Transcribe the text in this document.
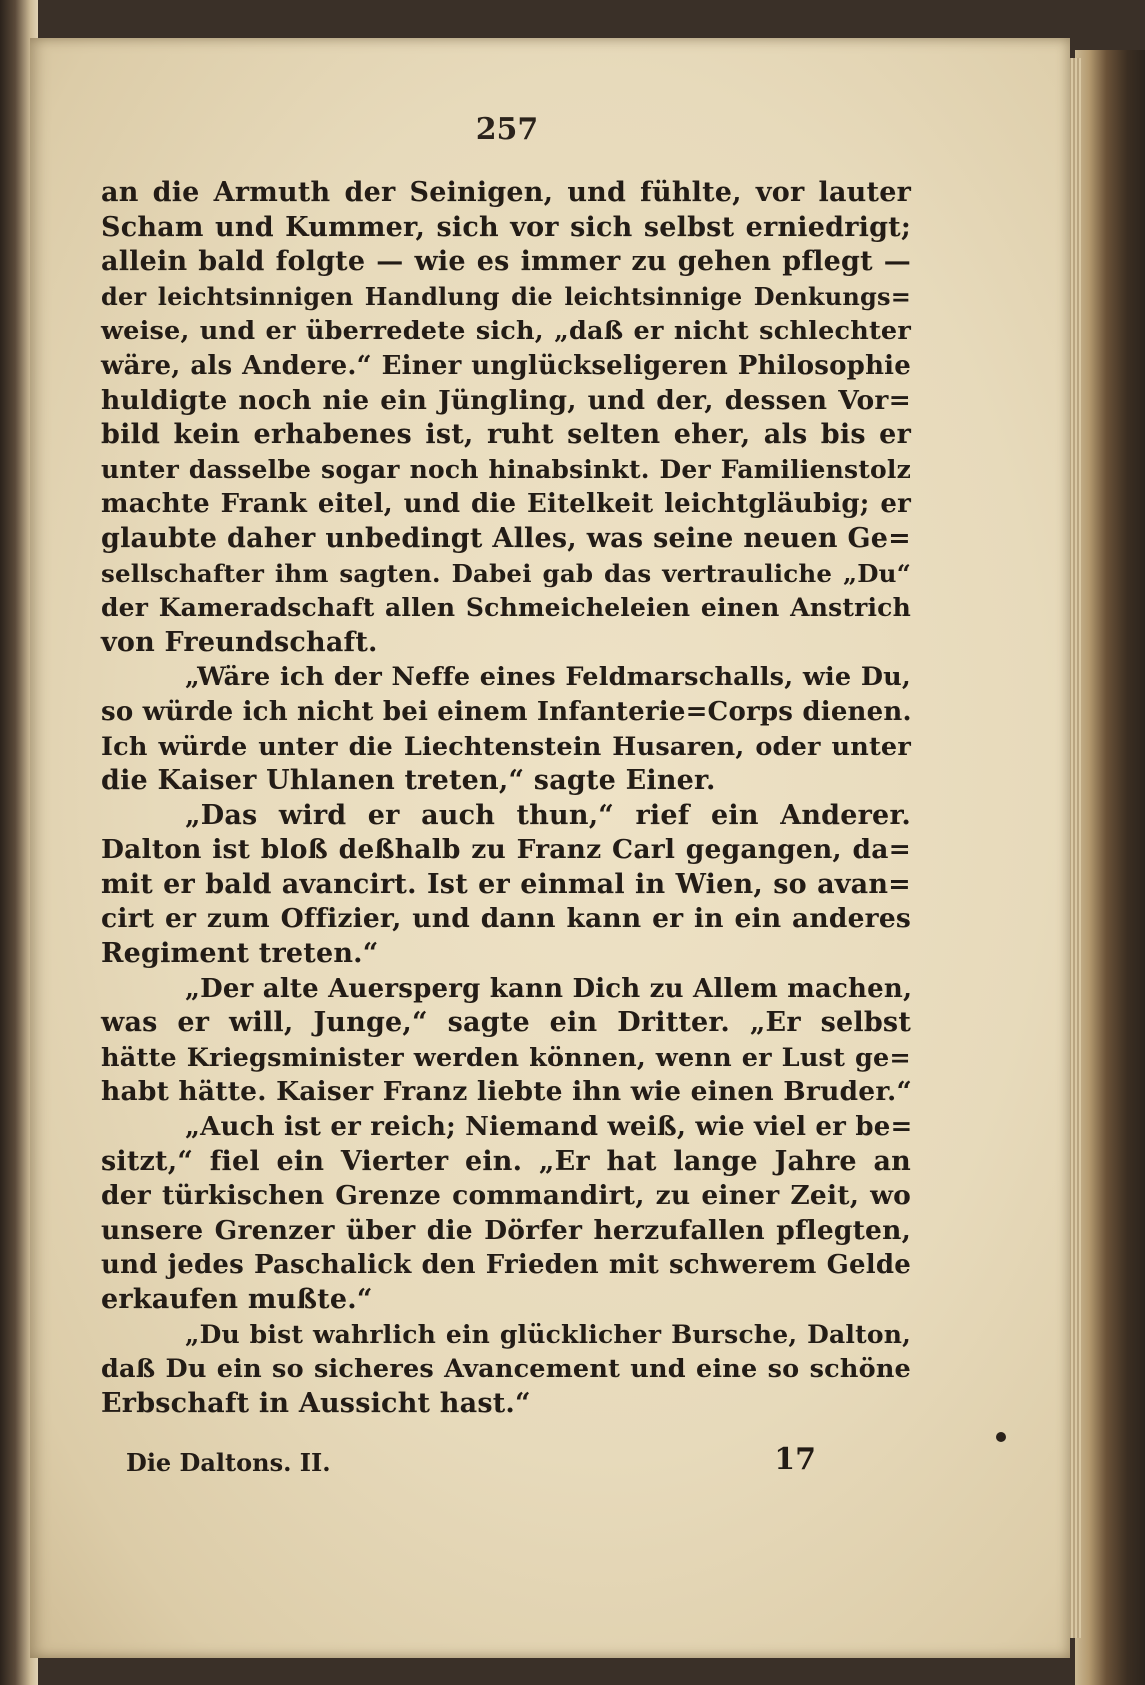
257
an die Armuth der Seinigen, und fühlte, vor lauter
Scham und Kummer, sich vor sich selbst erniedrigt;
allein bald folgte — wie es immer zu gehen pflegt —
der leichtsinnigen Handlung die leichtsinnige Denkungs=
weise, und er überredete sich, „daß er nicht schlechter
wäre, als Andere.“ Einer unglückseligeren Philosophie
huldigte noch nie ein Jüngling, und der, dessen Vor=
bild kein erhabenes ist, ruht selten eher, als bis er
unter dasselbe sogar noch hinabsinkt. Der Familienstolz
machte Frank eitel, und die Eitelkeit leichtgläubig; er
glaubte daher unbedingt Alles, was seine neuen Ge=
sellschafter ihm sagten. Dabei gab das vertrauliche „Du“
der Kameradschaft allen Schmeicheleien einen Anstrich
von Freundschaft.
„Wäre ich der Neffe eines Feldmarschalls, wie Du,
so würde ich nicht bei einem Infanterie=Corps dienen.
Ich würde unter die Liechtenstein Husaren, oder unter
die Kaiser Uhlanen treten,“ sagte Einer.
„Das wird er auch thun,“ rief ein Anderer.
Dalton ist bloß deßhalb zu Franz Carl gegangen, da=
mit er bald avancirt. Ist er einmal in Wien, so avan=
cirt er zum Offizier, und dann kann er in ein anderes
Regiment treten.“
„Der alte Auersperg kann Dich zu Allem machen,
was er will, Junge,“ sagte ein Dritter. „Er selbst
hätte Kriegsminister werden können, wenn er Lust ge=
habt hätte. Kaiser Franz liebte ihn wie einen Bruder.“
„Auch ist er reich; Niemand weiß, wie viel er be=
sitzt,“ fiel ein Vierter ein. „Er hat lange Jahre an
der türkischen Grenze commandirt, zu einer Zeit, wo
unsere Grenzer über die Dörfer herzufallen pflegten,
und jedes Paschalick den Frieden mit schwerem Gelde
erkaufen mußte.“
„Du bist wahrlich ein glücklicher Bursche, Dalton,
daß Du ein so sicheres Avancement und eine so schöne
Erbschaft in Aussicht hast.“
Die Daltons. II.	17
